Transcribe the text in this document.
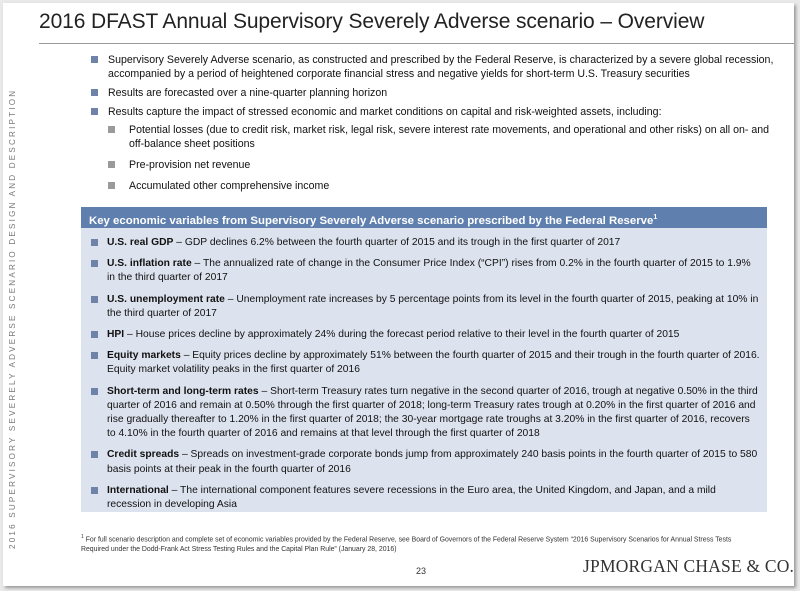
2016 DFAST Annual Supervisory Severely Adverse scenario – Overview
2016 SUPERVISORY SEVERELY ADVERSE SCENARIO DESIGN AND DESCRIPTION
Supervisory Severely Adverse scenario, as constructed and prescribed by the Federal Reserve, is characterized by a severe global recession, accompanied by a period of heightened corporate financial stress and negative yields for short-term U.S. Treasury securities
Results are forecasted over a nine-quarter planning horizon
Results capture the impact of stressed economic and market conditions on capital and risk-weighted assets, including:
Potential losses (due to credit risk, market risk, legal risk, severe interest rate movements, and operational and other risks) on all on- and off-balance sheet positions
Pre-provision net revenue
Accumulated other comprehensive income
Key economic variables from Supervisory Severely Adverse scenario prescribed by the Federal Reserve$^1$
U.S. real GDP – GDP declines 6.2% between the fourth quarter of 2015 and its trough in the first quarter of 2017
U.S. inflation rate – The annualized rate of change in the Consumer Price Index (“CPI”) rises from 0.2% in the fourth quarter of 2015 to 1.9% in the third quarter of 2017
U.S. unemployment rate – Unemployment rate increases by 5 percentage points from its level in the fourth quarter of 2015, peaking at 10% in the third quarter of 2017
HPI – House prices decline by approximately 24% during the forecast period relative to their level in the fourth quarter of 2015
Equity markets – Equity prices decline by approximately 51% between the fourth quarter of 2015 and their trough in the fourth quarter of 2016. Equity market volatility peaks in the first quarter of 2016
Short-term and long-term rates – Short-term Treasury rates turn negative in the second quarter of 2016, trough at negative 0.50% in the third quarter of 2016 and remain at 0.50% through the first quarter of 2018; long-term Treasury rates trough at 0.20% in the first quarter of 2016 and rise gradually thereafter to 1.20% in the first quarter of 2018; the 30-year mortgage rate troughs at 3.20% in the first quarter of 2016, recovers to 4.10% in the fourth quarter of 2016 and remains at that level through the first quarter of 2018
Credit spreads – Spreads on investment-grade corporate bonds jump from approximately 240 basis points in the fourth quarter of 2015 to 580 basis points at their peak in the fourth quarter of 2016
International – The international component features severe recessions in the Euro area, the United Kingdom, and Japan, and a mild recession in developing Asia
$^1$ For full scenario description and complete set of economic variables provided by the Federal Reserve, see Board of Governors of the Federal Reserve System “2016 Supervisory Scenarios for Annual Stress Tests Required under the Dodd-Frank Act Stress Testing Rules and the Capital Plan Rule” (January 28, 2016)
23	JPMORGAN CHASE & CO.
